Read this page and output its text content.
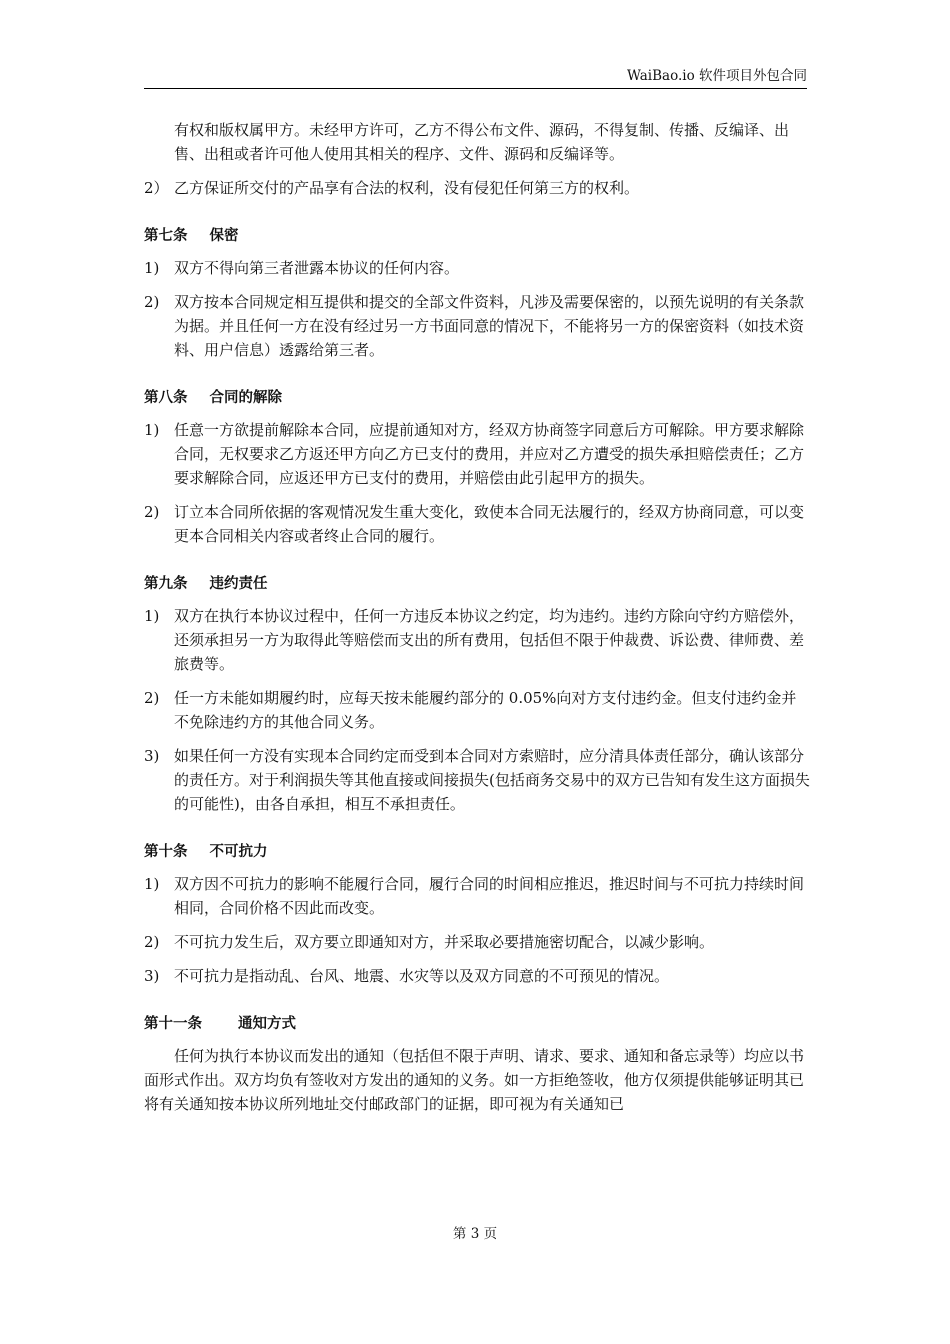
WaiBao.io 软件项目外包合同
有权和版权属甲方。未经甲方许可，乙方不得公布文件、源码，不得复制、传播、反编译、出售、出租或者许可他人使用其相关的程序、文件、源码和反编译等。
2） 乙方保证所交付的产品享有合法的权利，没有侵犯任何第三方的权利。
第七条 保密
1) 双方不得向第三者泄露本协议的任何内容。
2) 双方按本合同规定相互提供和提交的全部文件资料，凡涉及需要保密的，以预先说明的有关条款为据。并且任何一方在没有经过另一方书面同意的情况下，不能将另一方的保密资料（如技术资料、用户信息）透露给第三者。
第八条 合同的解除
1) 任意一方欲提前解除本合同，应提前通知对方，经双方协商签字同意后方可解除。甲方要求解除合同，无权要求乙方返还甲方向乙方已支付的费用，并应对乙方遭受的损失承担赔偿责任；乙方要求解除合同，应返还甲方已支付的费用，并赔偿由此引起甲方的损失。
2) 订立本合同所依据的客观情况发生重大变化，致使本合同无法履行的，经双方协商同意，可以变更本合同相关内容或者终止合同的履行。
第九条 违约责任
1) 双方在执行本协议过程中，任何一方违反本协议之约定，均为违约。违约方除向守约方赔偿外，还须承担另一方为取得此等赔偿而支出的所有费用，包括但不限于仲裁费、诉讼费、律师费、差旅费等。
2) 任一方未能如期履约时，应每天按未能履约部分的 0.05%向对方支付违约金。但支付违约金并不免除违约方的其他合同义务。
3) 如果任何一方没有实现本合同约定而受到本合同对方索赔时，应分清具体责任部分，确认该部分的责任方。对于利润损失等其他直接或间接损失(包括商务交易中的双方已告知有发生这方面损失的可能性)，由各自承担，相互不承担责任。
第十条 不可抗力
1) 双方因不可抗力的影响不能履行合同，履行合同的时间相应推迟，推迟时间与不可抗力持续时间相同，合同价格不因此而改变。
2) 不可抗力发生后，双方要立即通知对方，并采取必要措施密切配合，以减少影响。
3) 不可抗力是指动乱、台风、地震、水灾等以及双方同意的不可预见的情况。
第十一条 通知方式

任何为执行本协议而发出的通知（包括但不限于声明、请求、要求、通知和备忘录等）均应以书面形式作出。双方均负有签收对方发出的通知的义务。如一方拒绝签收，他方仅须提供能够证明其已将有关通知按本协议所列地址交付邮政部门的证据，即可视为有关通知已

第 3 页
